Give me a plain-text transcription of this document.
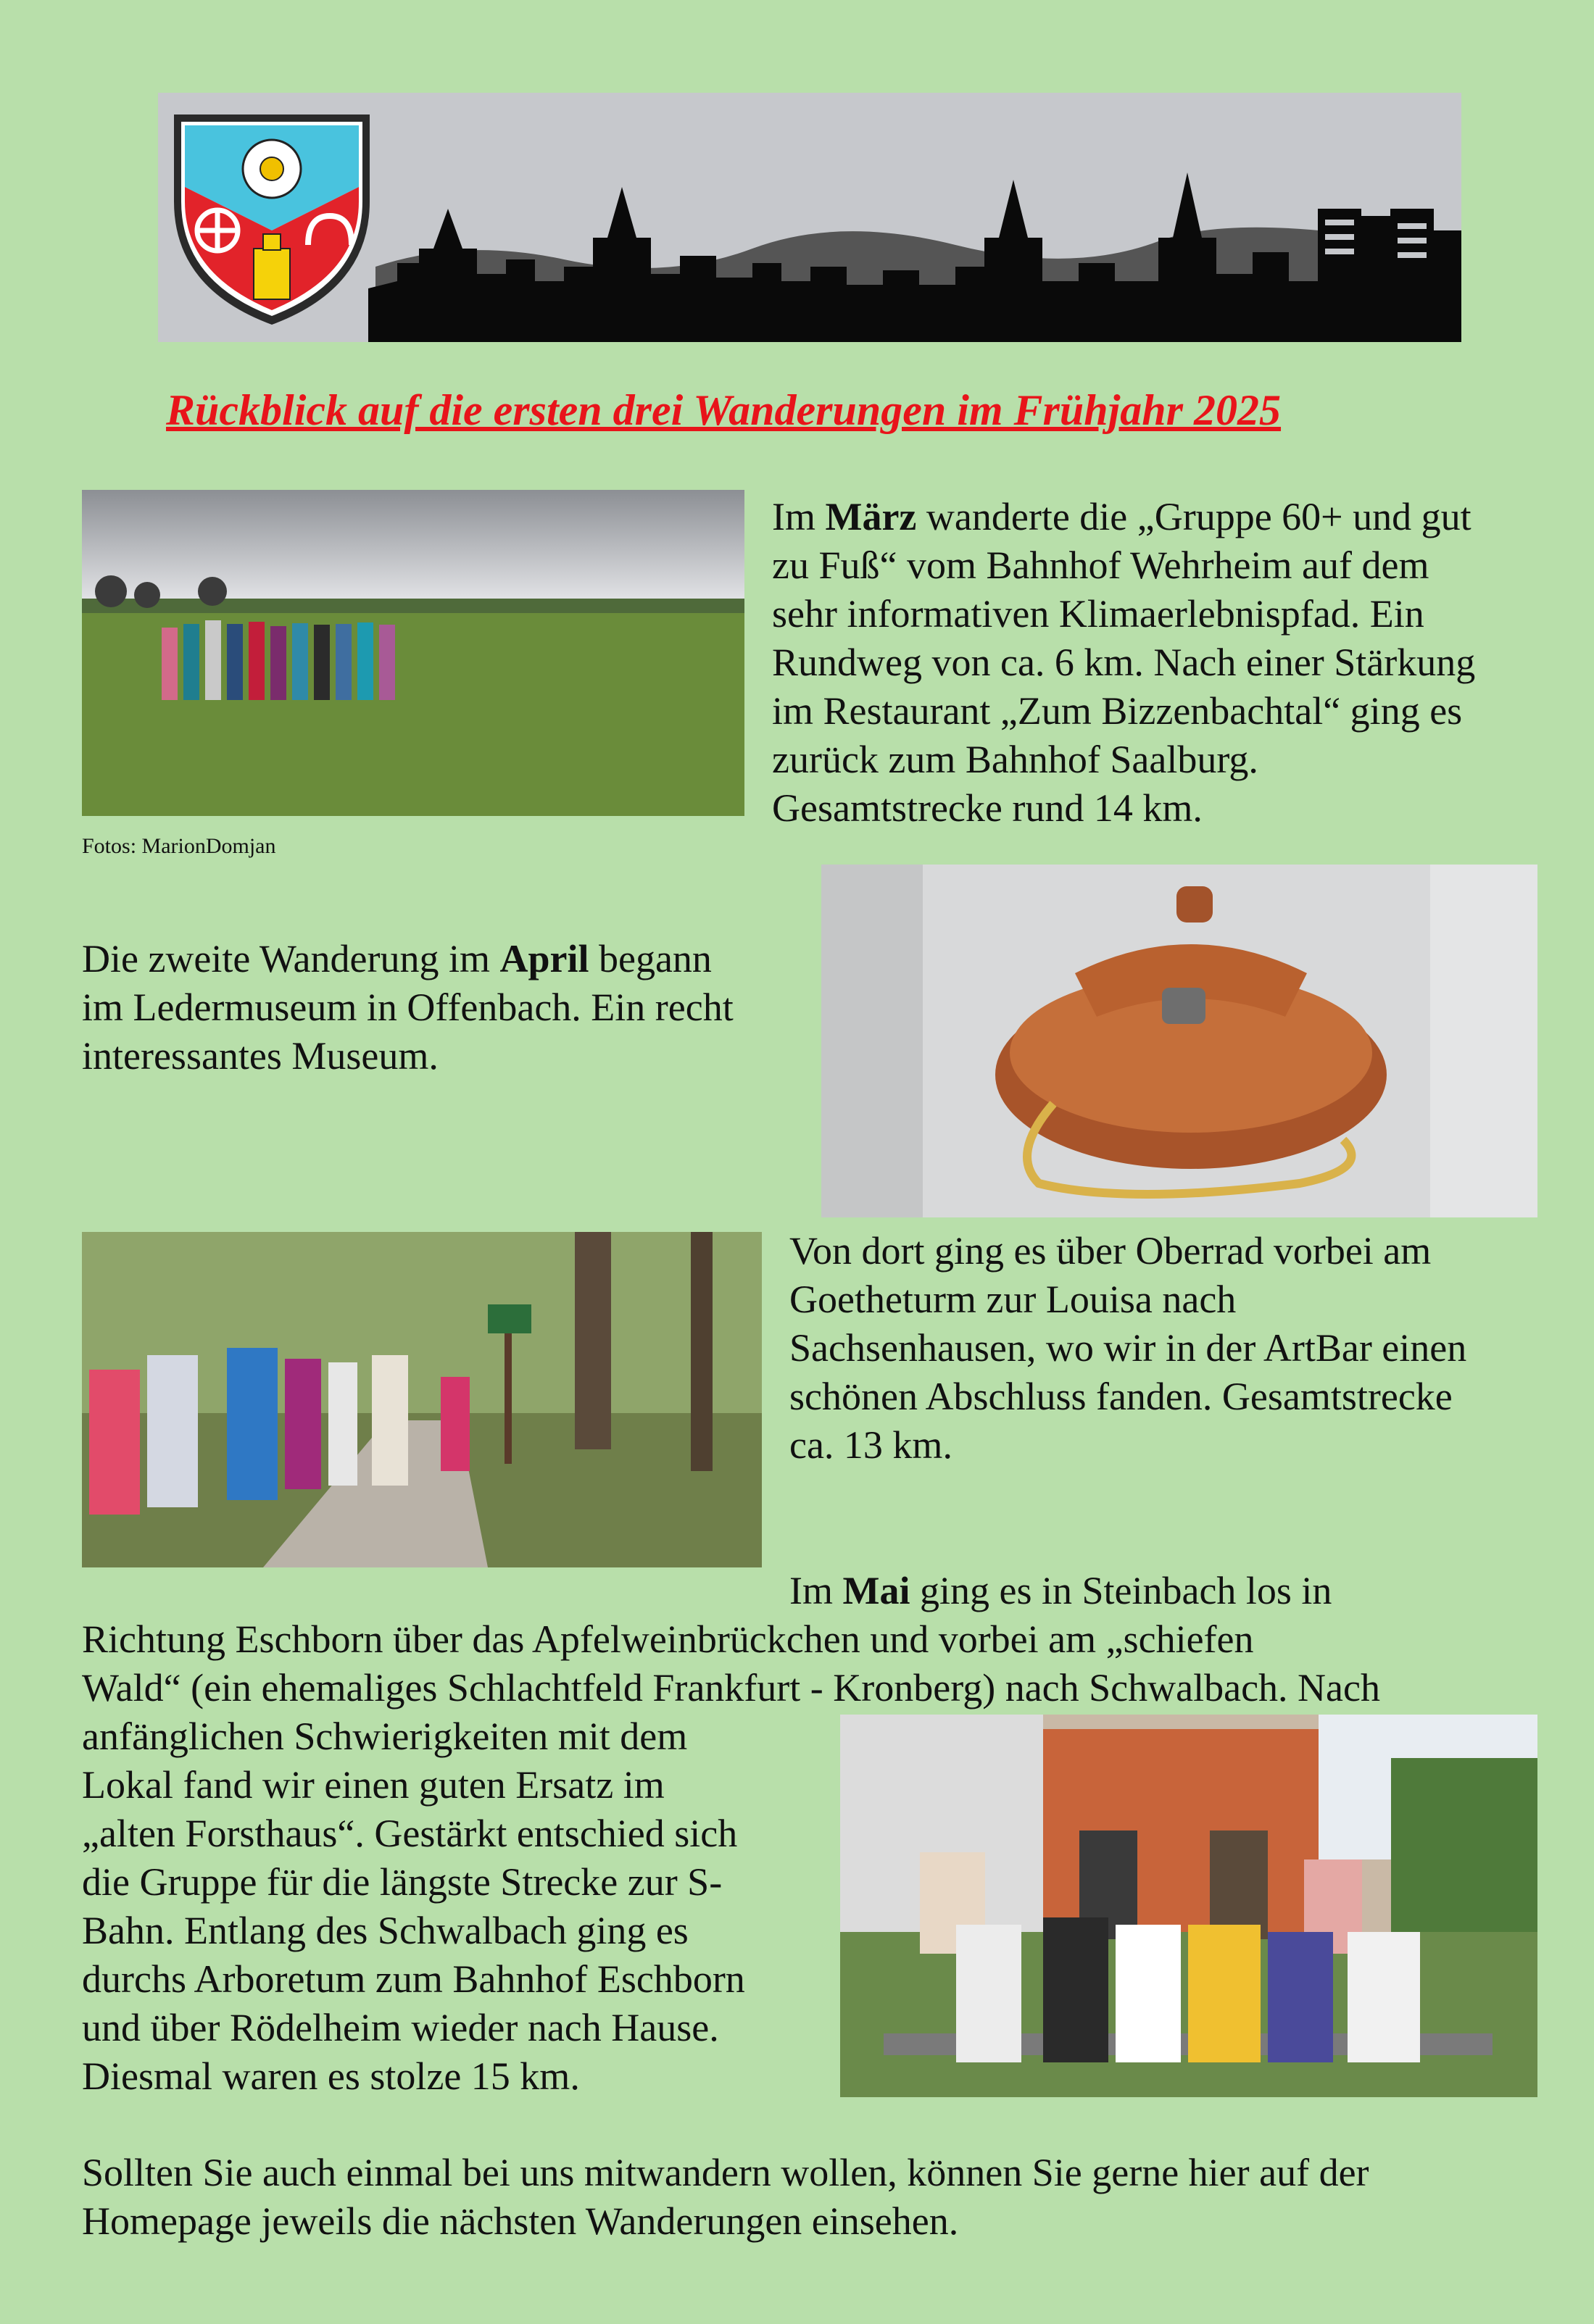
Rückblick auf die ersten drei Wanderungen im Frühjahr 2025
Fotos: MarionDomjan
Im März wanderte die „Gruppe 60+ und gut
zu Fuß“ vom Bahnhof Wehrheim auf dem
sehr informativen Klimaerlebnispfad. Ein
Rundweg von ca. 6 km. Nach einer Stärkung
im Restaurant „Zum Bizzenbachtal“ ging es
zurück zum Bahnhof Saalburg.
Gesamtstrecke rund 14 km.
Die zweite Wanderung im April begann
im Ledermuseum in Offenbach. Ein recht
interessantes Museum.
Von dort ging es über Oberrad vorbei am
Goetheturm zur Louisa nach
Sachsenhausen, wo wir in der ArtBar einen
schönen Abschluss fanden. Gesamtstrecke
ca. 13 km.
Im Mai ging es in Steinbach los in
Richtung Eschborn über das Apfelweinbrückchen und vorbei am „schiefen
Wald“ (ein ehemaliges Schlachtfeld Frankfurt - Kronberg) nach Schwalbach. Nach
anfänglichen Schwierigkeiten mit dem
Lokal fand wir einen guten Ersatz im
„alten Forsthaus“. Gestärkt entschied sich
die Gruppe für die längste Strecke zur S-
Bahn. Entlang des Schwalbach ging es
durchs Arboretum zum Bahnhof Eschborn
und über Rödelheim wieder nach Hause.
Diesmal waren es stolze 15 km.
Sollten Sie auch einmal bei uns mitwandern wollen, können Sie gerne hier auf der
Homepage jeweils die nächsten Wanderungen einsehen.
